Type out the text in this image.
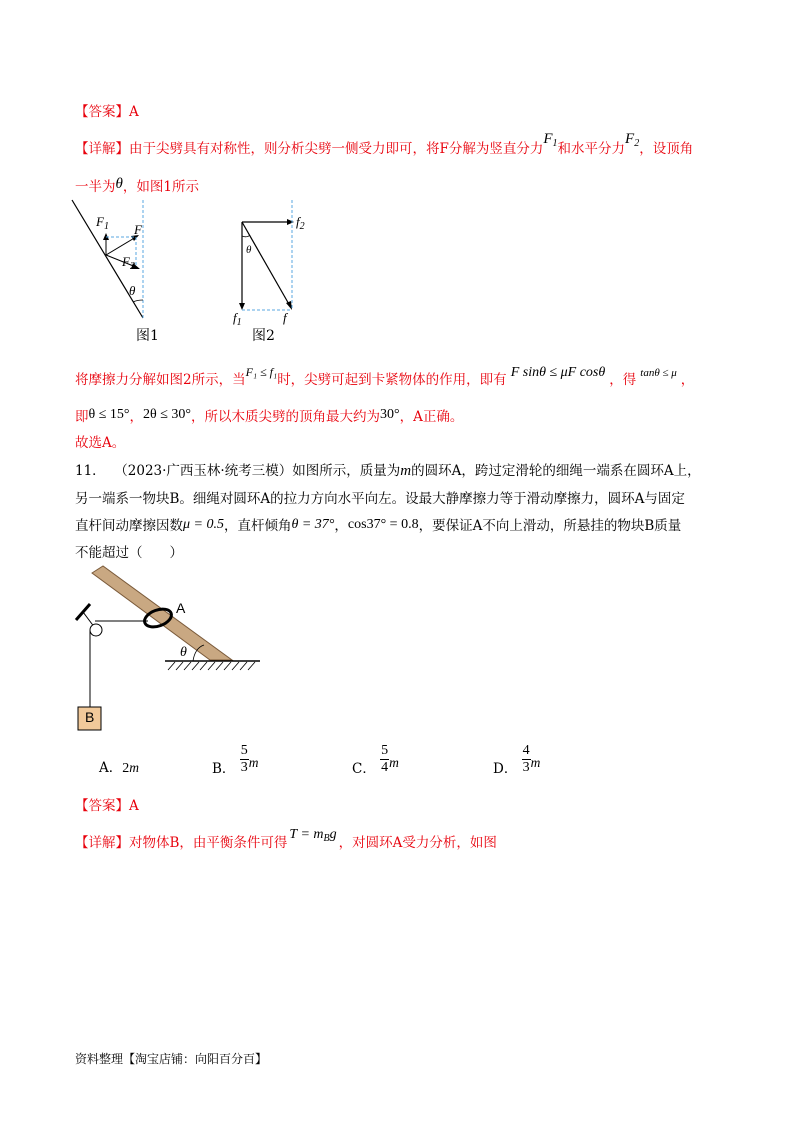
【答案】A
【详解】由于尖劈具有对称性，则分析尖劈一侧受力即可，将F分解为竖直分力$F_1$和水平分力$F_2$，设顶角
一半为θ，如图1所示
$F_1$ F
$F_2$
θ
图1
$f_2$
θ
$f_1$	f
图2
将摩擦力分解如图2所示，当F₁ ≤ f₁时，尖劈可起到卡紧物体的作用，即有 F sinθ ≤ μF cosθ ，得 $^{tan\theta \le \mu}$ ，
即θ ≤ 15°，2θ ≤ 30°，所以木质尖劈的顶角最大约为30°，A正确。
故选A。
11． （2023·广西玉林·统考三模）如图所示，质量为m的圆环A，跨过定滑轮的细绳一端系在圆环A上，
另一端系一物块B。细绳对圆环A的拉力方向水平向左。设最大静摩擦力等于滑动摩擦力，圆环A与固定
直杆间动摩擦因数μ = 0.5，直杆倾角θ = 37°，cos37° = 0.8，要保证A不向上滑动，所悬挂的物块B质量
不能超过（　　）
A
B
θ
A．2m	B． $\frac{5}{3}$ m	C． $\frac{5}{4}$ m	D． $\frac{4}{3}$ m
【答案】A
【详解】对物体B，由平衡条件可得$T = m_Bg$，对圆环A受力分析，如图
资料整理【淘宝店铺：向阳百分百】
